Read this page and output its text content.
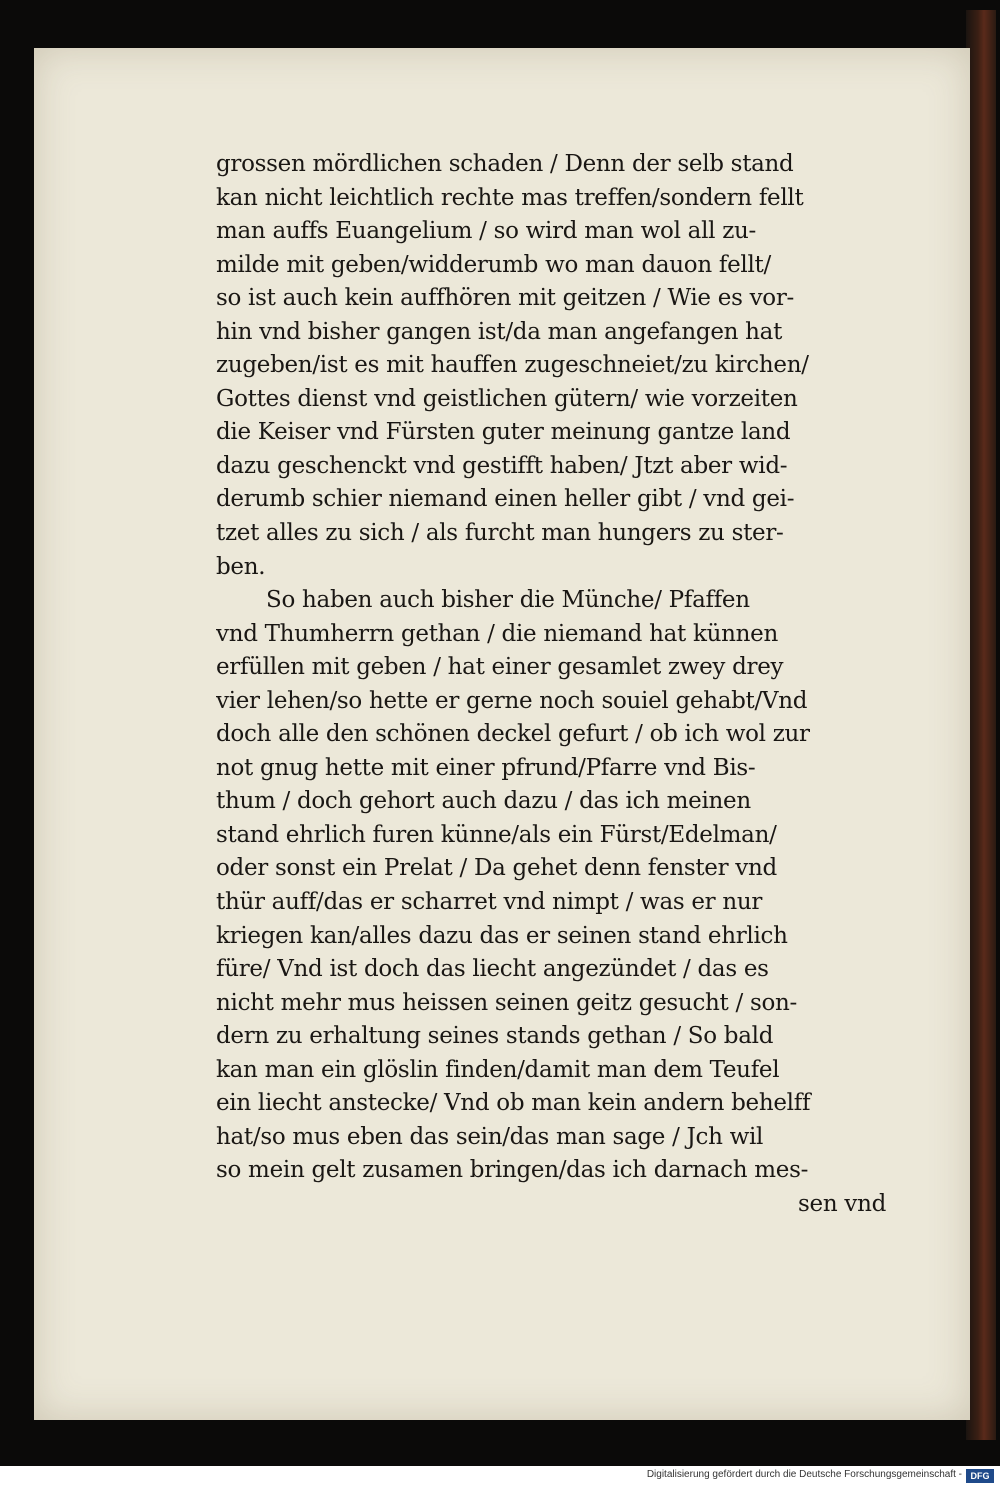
grossen mördlichen schaden / Denn der selb stand
kan nicht leichtlich rechte mas treffen/sondern fellt
man auffs Euangelium / so wird man wol all zu-
milde mit geben/widderumb wo man dauon fellt/
so ist auch kein auffhören mit geitzen / Wie es vor-
hin vnd bisher gangen ist/da man angefangen hat
zugeben/ist es mit hauffen zugeschneiet/zu kirchen/
Gottes dienst vnd geistlichen gütern/ wie vorzeiten
die Keiser vnd Fürsten guter meinung gantze land
dazu geschenckt vnd gestifft haben/ Jtzt aber wid-
derumb schier niemand einen heller gibt / vnd gei-
tzet alles zu sich / als furcht man hungers zu ster-
ben.
So haben auch bisher die Münche/ Pfaffen
vnd Thumherrn gethan / die niemand hat künnen
erfüllen mit geben / hat einer gesamlet zwey drey
vier lehen/so hette er gerne noch souiel gehabt/Vnd
doch alle den schönen deckel gefurt / ob ich wol zur
not gnug hette mit einer pfrund/Pfarre vnd Bis-
thum / doch gehort auch dazu / das ich meinen
stand ehrlich furen künne/als ein Fürst/Edelman/
oder sonst ein Prelat / Da gehet denn fenster vnd
thür auff/das er scharret vnd nimpt / was er nur
kriegen kan/alles dazu das er seinen stand ehrlich
füre/ Vnd ist doch das liecht angezündet / das es
nicht mehr mus heissen seinen geitz gesucht / son-
dern zu erhaltung seines stands gethan / So bald
kan man ein glöslin finden/damit man dem Teufel
ein liecht anstecke/ Vnd ob man kein andern behelff
hat/so mus eben das sein/das man sage / Jch wil
so mein gelt zusamen bringen/das ich darnach mes-
sen vnd
Digitalisierung gefördert durch die Deutsche Forschungsgemeinschaft - DFG
